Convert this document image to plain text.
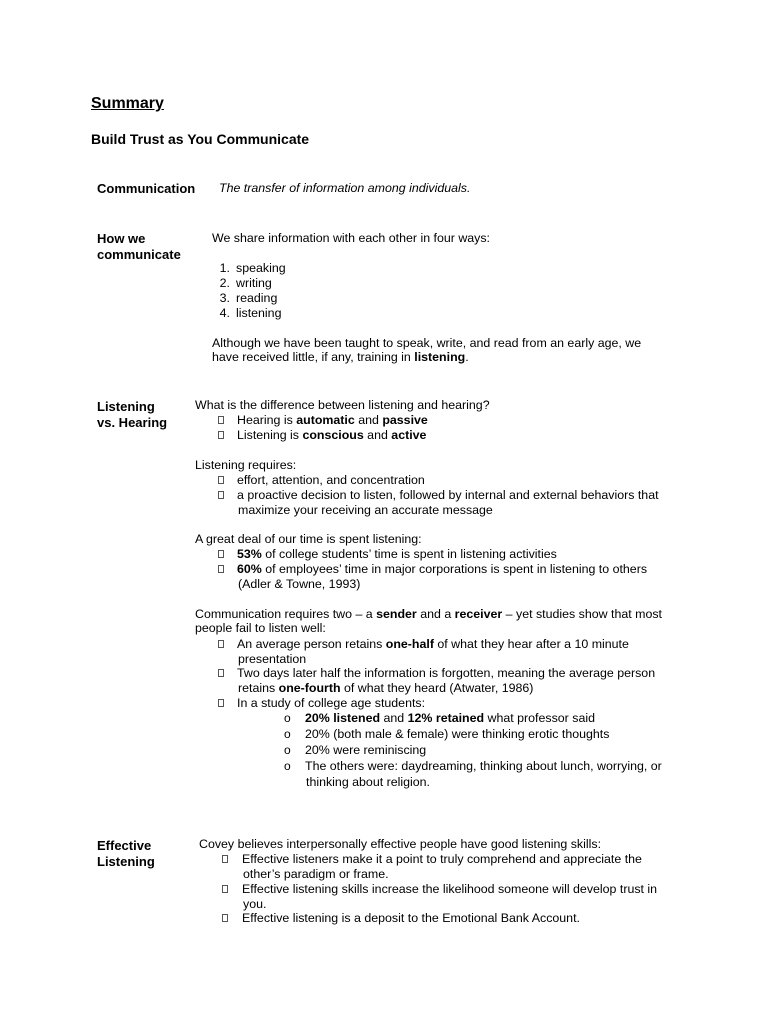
Summary
Build Trust as You Communicate
Communication The transfer of information among individuals.
How we
communicate
We share information with each other in four ways:
1. speaking
2. writing
3. reading
4. listening
Although we have been taught to speak, write, and read from an early age, we
have received little, if any, training in listening.
Listening
vs. Hearing
What is the difference between listening and hearing?
Hearing is automatic and passive
Listening is conscious and active
Listening requires:
effort, attention, and concentration
a proactive decision to listen, followed by internal and external behaviors that
maximize your receiving an accurate message
A great deal of our time is spent listening:
53% of college students’ time is spent in listening activities
60% of employees’ time in major corporations is spent in listening to others
(Adler & Towne, 1993)
Communication requires two – a sender and a receiver – yet studies show that most
people fail to listen well:
An average person retains one-half of what they hear after a 10 minute
presentation
Two days later half the information is forgotten, meaning the average person
retains one-fourth of what they heard (Atwater, 1986)
In a study of college age students:
o 20% listened and 12% retained what professor said
o 20% (both male & female) were thinking erotic thoughts
o 20% were reminiscing
o The others were: daydreaming, thinking about lunch, worrying, or
thinking about religion.
Effective
Listening
Covey believes interpersonally effective people have good listening skills:
Effective listeners make it a point to truly comprehend and appreciate the
other’s paradigm or frame.
Effective listening skills increase the likelihood someone will develop trust in
you.
Effective listening is a deposit to the Emotional Bank Account.
